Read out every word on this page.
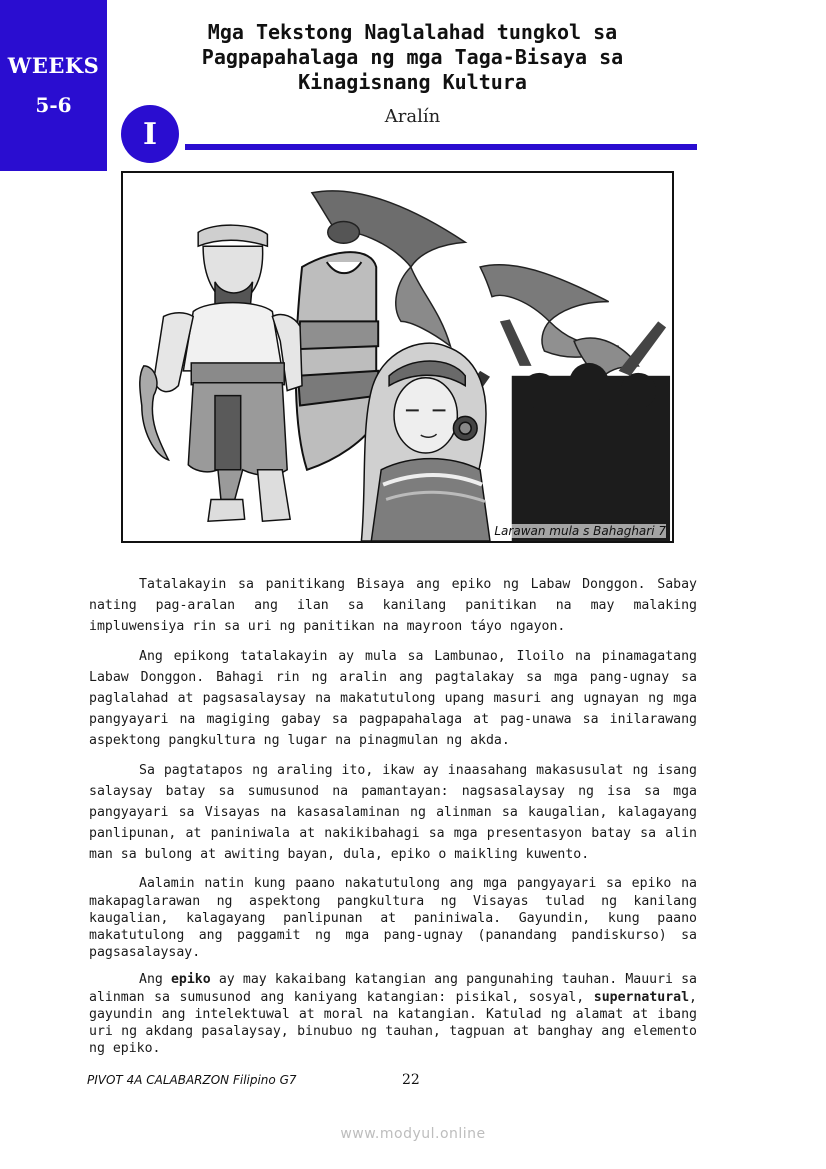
WEEKS
5-6
Mga Tekstong Naglalahad tungkol sa
Pagpapahalaga ng mga Taga-Bisaya sa
Kinagisnang Kultura
I	Aralín
Larawan mula s Bahaghari 7

Tatalakayin sa panitikang Bisaya ang epiko ng Labaw Donggon. Sabay nating pag-aralan ang ilan sa kanilang panitikan na may malaking impluwensiya rin sa uri ng panitikan na mayroon táyo ngayon.

Ang epikong tatalakayin ay mula sa Lambunao, Iloilo na pinamagatang Labaw Donggon. Bahagi rin ng aralin ang pagtalakay sa mga pang-ugnay sa paglalahad at pagsasalaysay na makatutulong upang masuri ang ugnayan ng mga pangyayari na magiging gabay sa pagpapahalaga at pag-unawa sa inilarawang aspektong pangkultura ng lugar na pinagmulan ng akda.

Sa pagtatapos ng araling ito, ikaw ay inaasahang makasusulat ng isang salaysay batay sa sumusunod na pamantayan: nagsasalaysay ng isa sa mga pangyayari sa Visayas na kasasalaminan ng alinman sa kaugalian, kalagayang panlipunan, at paniniwala at nakikibahagi sa mga presentasyon batay sa alin man sa bulong at awiting bayan, dula, epiko o maikling kuwento.

Aalamin natin kung paano nakatutulong ang mga pangyayari sa epiko na makapaglarawan ng aspektong pangkultura ng Visayas tulad ng kanilang kaugalian, kalagayang panlipunan at paniniwala. Gayundin, kung paano makatutulong ang paggamit ng mga pang-ugnay (panandang pandiskurso) sa pagsasalaysay.

Ang epiko ay may kakaibang katangian ang pangunahing tauhan. Mauuri sa alinman sa sumusunod ang kaniyang katangian: pisikal, sosyal, supernatural, gayundin ang intelektuwal at moral na katangian. Katulad ng alamat at ibang uri ng akdang pasalaysay, binubuo ng tauhan, tagpuan at banghay ang elemento ng epiko.

PIVOT 4A CALABARZON Filipino G7	22
www.modyul.online
